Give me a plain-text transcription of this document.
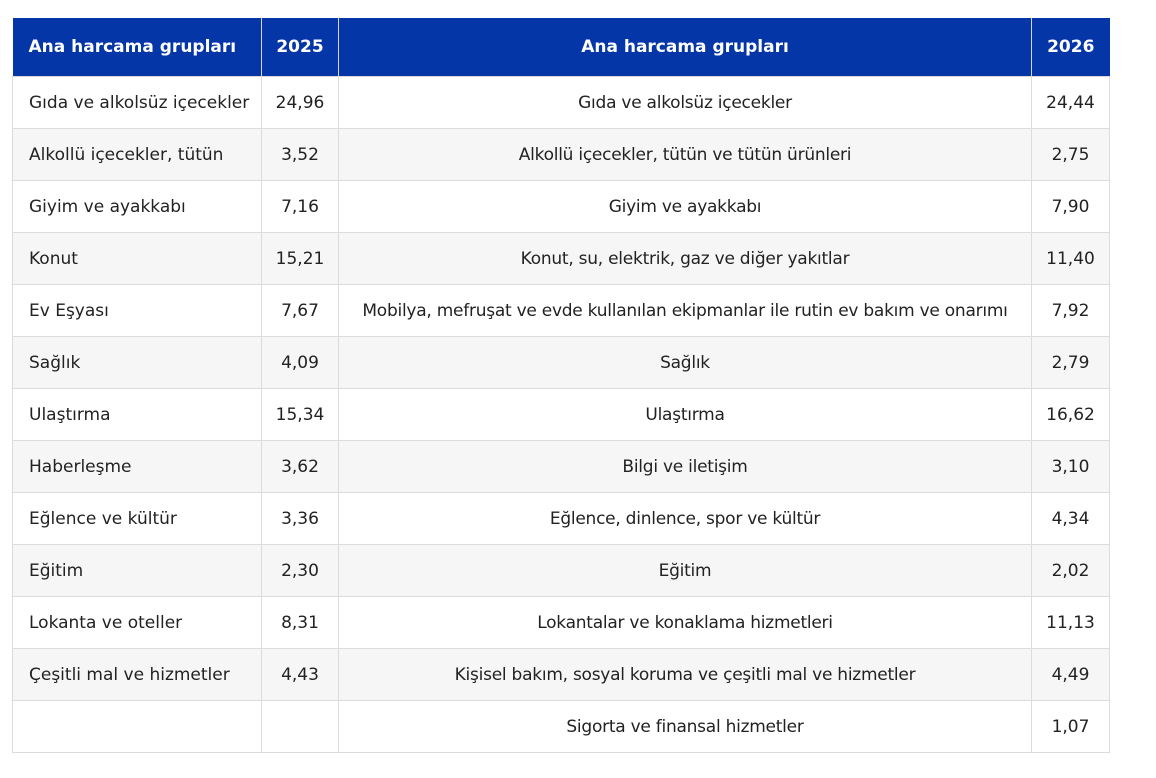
Ana harcama grupları	2025	Ana harcama grupları	2026
Gıda ve alkolsüz içecekler	24,96	Gıda ve alkolsüz içecekler	24,44
Alkollü içecekler, tütün	3,52	Alkollü içecekler, tütün ve tütün ürünleri	2,75
Giyim ve ayakkabı	7,16	Giyim ve ayakkabı	7,90
Konut	15,21	Konut, su, elektrik, gaz ve diğer yakıtlar	11,40
Ev Eşyası	7,67	Mobilya, mefruşat ve evde kullanılan ekipmanlar ile rutin ev bakım ve onarımı	7,92
Sağlık	4,09	Sağlık	2,79
Ulaştırma	15,34	Ulaştırma	16,62
Haberleşme	3,62	Bilgi ve iletişim	3,10
Eğlence ve kültür	3,36	Eğlence, dinlence, spor ve kültür	4,34
Eğitim	2,30	Eğitim	2,02
Lokanta ve oteller	8,31	Lokantalar ve konaklama hizmetleri	11,13
Çeşitli mal ve hizmetler	4,43	Kişisel bakım, sosyal koruma ve çeşitli mal ve hizmetler	4,49
		Sigorta ve finansal hizmetler	1,07
